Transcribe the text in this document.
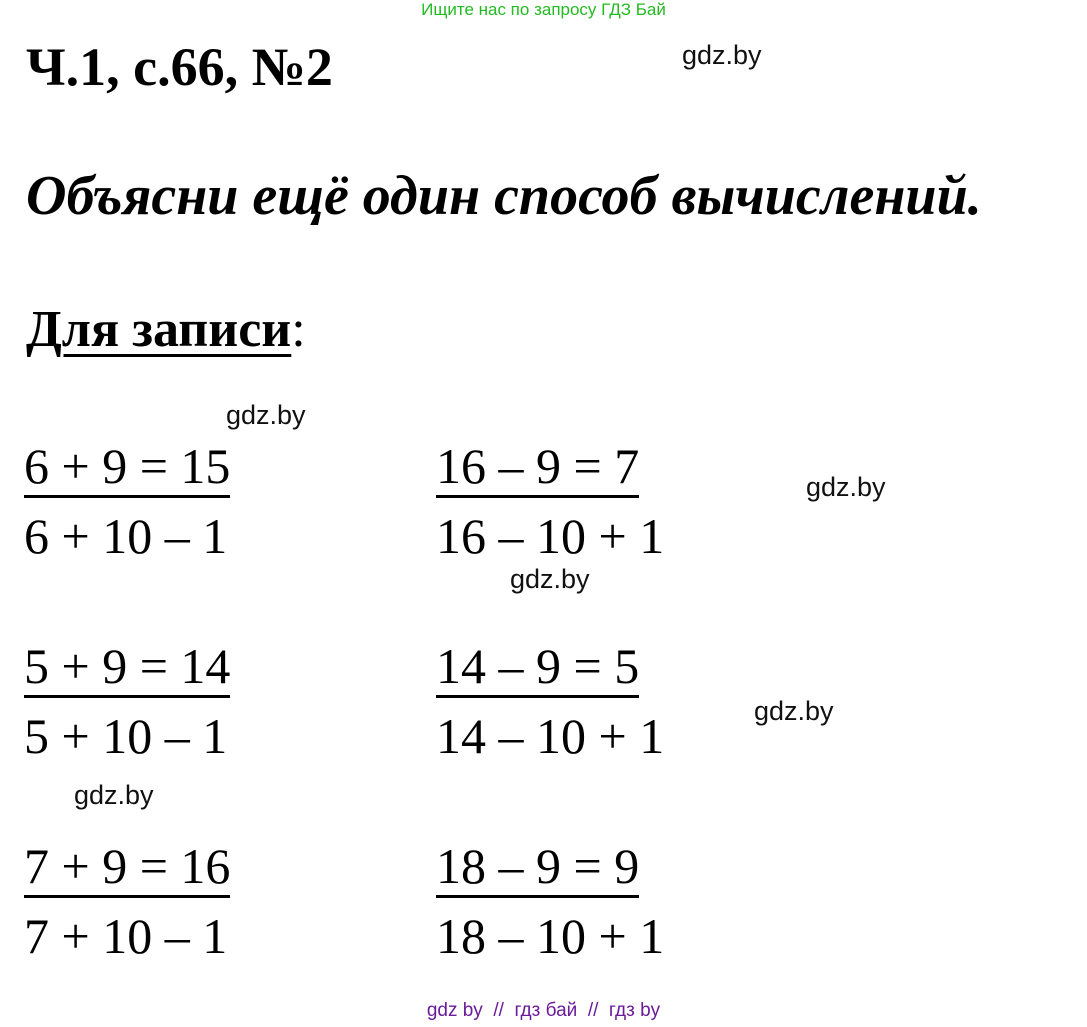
Ищите нас по запросу ГДЗ Бай
Ч.1, с.66, №2	gdz.by
Объясни ещё один способ вычислений.
Для записи:
gdz.by
gdz.by
gdz.by
gdz.by
gdz.by
6 + 9 = 15
6 + 10 – 1
16 – 9 = 7
16 – 10 + 1
5 + 9 = 14
5 + 10 – 1
14 – 9 = 5
14 – 10 + 1
7 + 9 = 16
7 + 10 – 1
18 – 9 = 9
18 – 10 + 1
gdz by  //  гдз бай  //  гдз by
